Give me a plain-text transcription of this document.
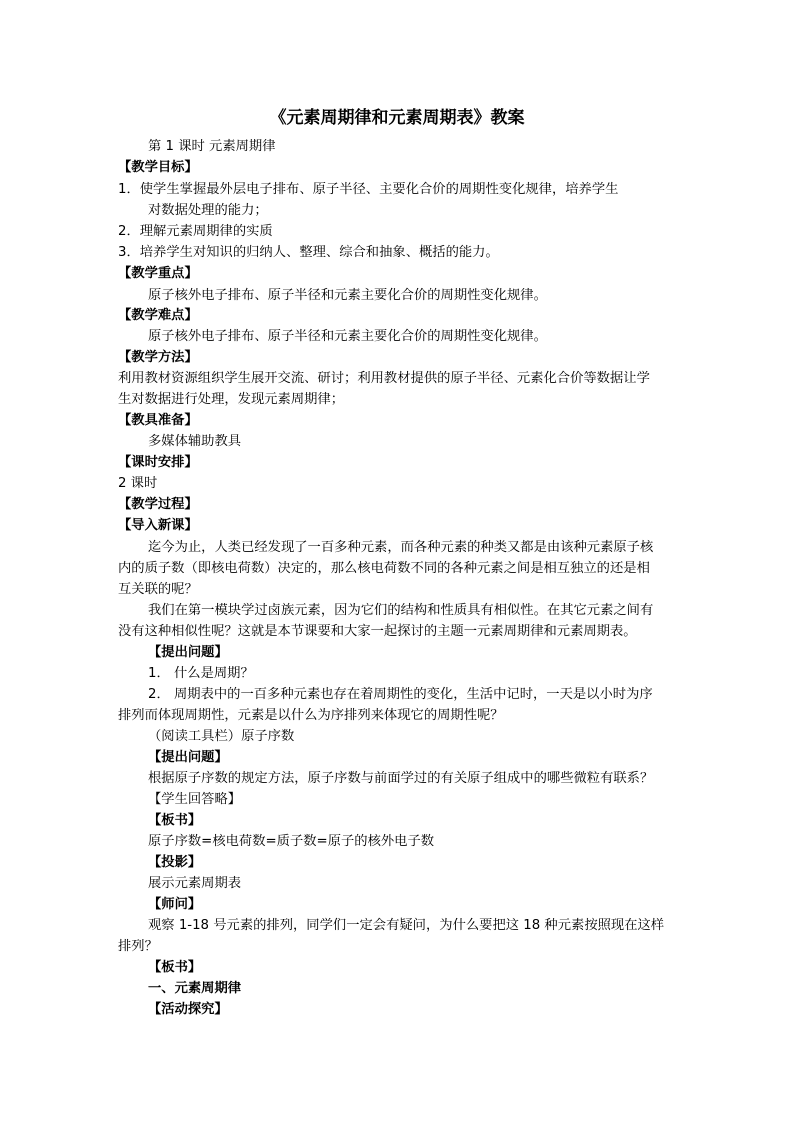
《元素周期律和元素周期表》教案
第 1 课时 元素周期律
【教学目标】
1．使学生掌握最外层电子排布、原子半径、主要化合价的周期性变化规律，培养学生
对数据处理的能力；
2．理解元素周期律的实质
3．培养学生对知识的归纳人、整理、综合和抽象、概括的能力。
【教学重点】
原子核外电子排布、原子半径和元素主要化合价的周期性变化规律。
【教学难点】
原子核外电子排布、原子半径和元素主要化合价的周期性变化规律。
【教学方法】
利用教材资源组织学生展开交流、研讨；利用教材提供的原子半径、元素化合价等数据让学
生对数据进行处理，发现元素周期律；
【教具准备】
多媒体辅助教具
【课时安排】
2 课时
【教学过程】
【导入新课】
迄今为止，人类已经发现了一百多种元素，而各种元素的种类又都是由该种元素原子核
内的质子数（即核电荷数）决定的，那么核电荷数不同的各种元素之间是相互独立的还是相
互关联的呢？
我们在第一模块学过卤族元素，因为它们的结构和性质具有相似性。在其它元素之间有
没有这种相似性呢？这就是本节课要和大家一起探讨的主题一元素周期律和元素周期表。
【提出问题】
1． 什么是周期？
2． 周期表中的一百多种元素也存在着周期性的变化，生活中记时，一天是以小时为序
排列而体现周期性，元素是以什么为序排列来体现它的周期性呢？
（阅读工具栏）原子序数
【提出问题】
根据原子序数的规定方法，原子序数与前面学过的有关原子组成中的哪些微粒有联系？
【学生回答略】
【板书】
原子序数=核电荷数=质子数=原子的核外电子数
【投影】
展示元素周期表
【师问】
观察 1-18 号元素的排列，同学们一定会有疑问，为什么要把这 18 种元素按照现在这样
排列？
【板书】
一、元素周期律
【活动探究】
